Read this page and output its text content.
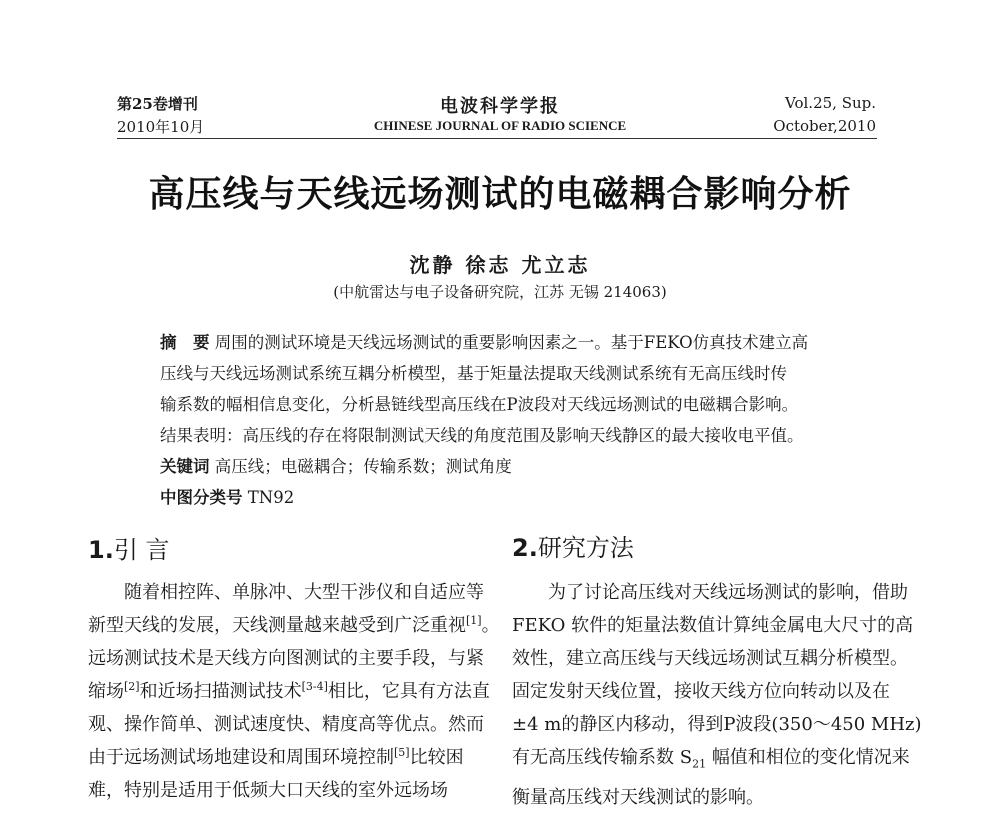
第25卷增刊
2010年10月
电波科学学报
CHINESE JOURNAL OF RADIO SCIENCE
Vol.25, Sup.
October,2010
高压线与天线远场测试的电磁耦合影响分析
沈静 徐志 尤立志
(中航雷达与电子设备研究院，江苏 无锡 214063)
摘　要 周围的测试环境是天线远场测试的重要影响因素之一。基于FEKO仿真技术建立高
压线与天线远场测试系统互耦分析模型，基于矩量法提取天线测试系统有无高压线时传
输系数的幅相信息变化，分析悬链线型高压线在P波段对天线远场测试的电磁耦合影响。
结果表明：高压线的存在将限制测试天线的角度范围及影响天线静区的最大接收电平值。
关键词 高压线；电磁耦合；传输系数；测试角度
中图分类号 TN92
1.引 言
随着相控阵、单脉冲、大型干涉仪和自适应等
新型天线的发展，天线测量越来越受到广泛重视[1]。
远场测试技术是天线方向图测试的主要手段，与紧
缩场[2]和近场扫描测试技术[3-4]相比，它具有方法直
观、操作简单、测试速度快、精度高等优点。然而
由于远场测试场地建设和周围环境控制[5]比较困
难，特别是适用于低频大口天线的室外远场场
2.研究方法
为了讨论高压线对天线远场测试的影响，借助
FEKO 软件的矩量法数值计算纯金属电大尺寸的高
效性，建立高压线与天线远场测试互耦分析模型。
固定发射天线位置，接收天线方位向转动以及在
±4 m的静区内移动，得到P波段(350～450 MHz)
有无高压线传输系数 $S_{21}$ 幅值和相位的变化情况来
衡量高压线对天线测试的影响。
